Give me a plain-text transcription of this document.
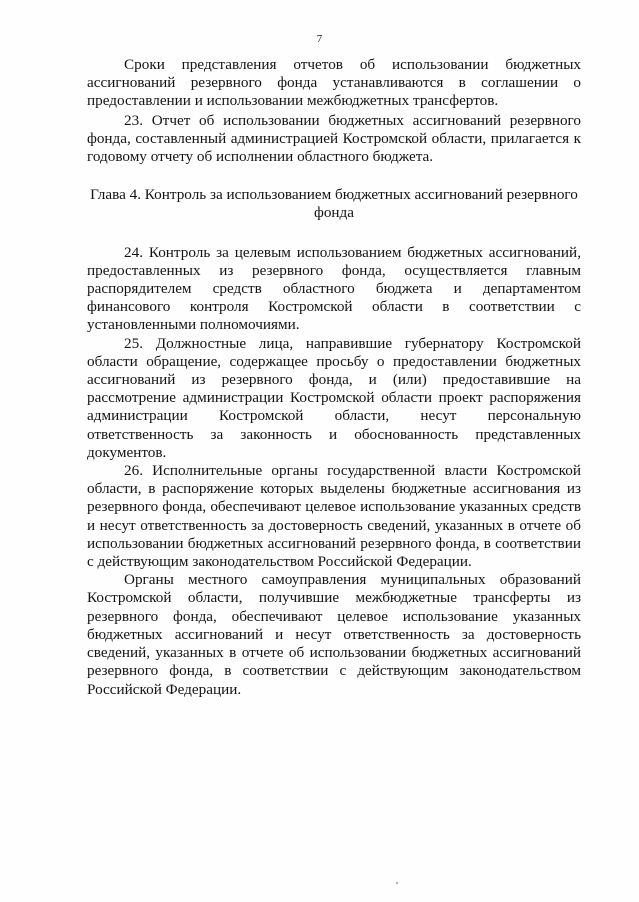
7

Сроки представления отчетов об использовании бюджетных ассигнований резервного фонда устанавливаются в соглашении о предоставлении и использовании межбюджетных трансфертов.

23. Отчет об использовании бюджетных ассигнований резервного фонда, составленный администрацией Костромской области, прилагается к годовому отчету об исполнении областного бюджета.

Глава 4. Контроль за использованием бюджетных ассигнований резервного фонда

24. Контроль за целевым использованием бюджетных ассигнований, предоставленных из резервного фонда, осуществляется главным распорядителем средств областного бюджета и департаментом финансового контроля Костромской области в соответствии с установленными полномочиями.

25. Должностные лица, направившие губернатору Костромской области обращение, содержащее просьбу о предоставлении бюджетных ассигнований из резервного фонда, и (или) предоставившие на рассмотрение администрации Костромской области проект распоряжения администрации Костромской области, несут персональную ответственность за законность и обоснованность представленных документов.

26. Исполнительные органы государственной власти Костромской области, в распоряжение которых выделены бюджетные ассигнования из резервного фонда, обеспечивают целевое использование указанных средств и несут ответственность за достоверность сведений, указанных в отчете об использовании бюджетных ассигнований резервного фонда, в соответствии с действующим законодательством Российской Федерации.

Органы местного самоуправления муниципальных образований Костромской области, получившие межбюджетные трансферты из резервного фонда, обеспечивают целевое использование указанных бюджетных ассигнований и несут ответственность за достоверность сведений, указанных в отчете об использовании бюджетных ассигнований резервного фонда, в соответствии с действующим законодательством Российской Федерации.
